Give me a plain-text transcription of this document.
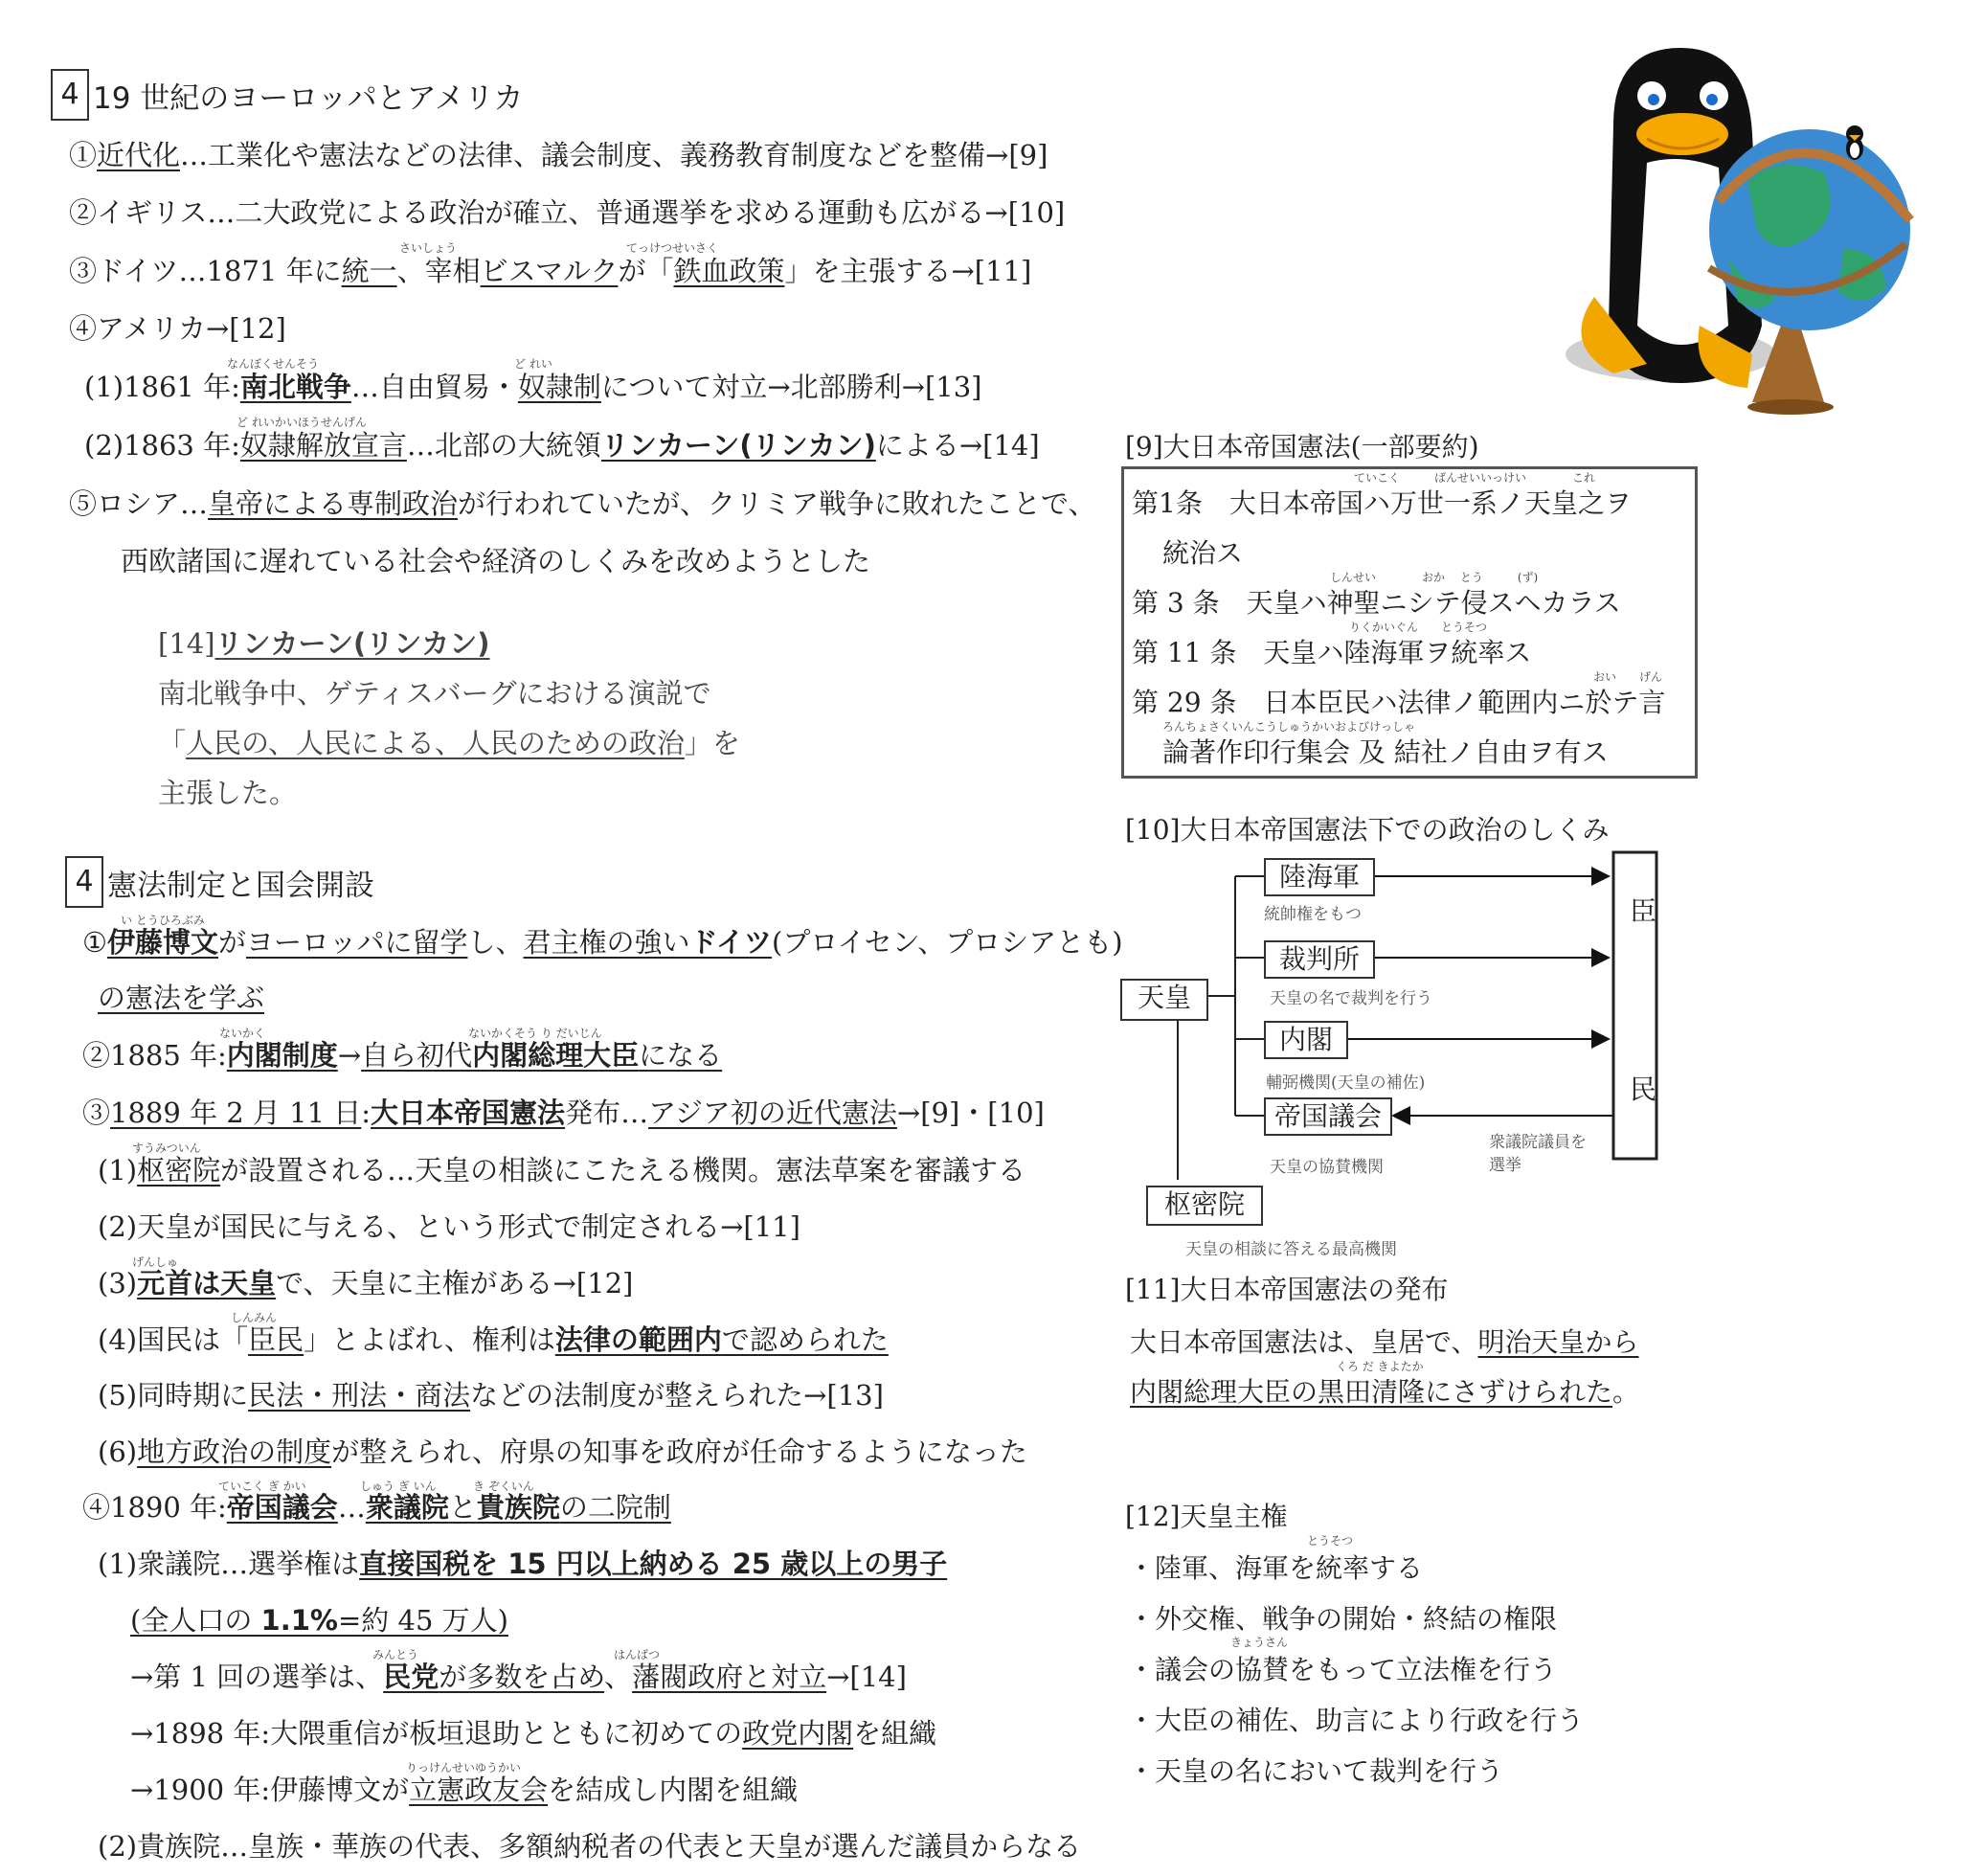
4 19 世紀のヨーロッパとアメリカ
①近代化…工業化や憲法などの法律、議会制度、義務教育制度などを整備→[9]
②イギリス…二大政党による政治が確立、普通選挙を求める運動も広がる→[10]
さいしょう	てっけつせいさく
③ドイツ…1871 年に統一、宰相ビスマルクが「鉄血政策」を主張する→[11]
④アメリカ→[12]
なんぼくせんそう	ど れい
(1)1861 年:南北戦争…自由貿易・奴隷制について対立→北部勝利→[13]
ど れいかいほうせんげん
(2)1863 年:奴隷解放宣言…北部の大統領リンカーン(リンカン)による→[14]
⑤ロシア…皇帝による専制政治が行われていたが、クリミア戦争に敗れたことで、
西欧諸国に遅れている社会や経済のしくみを改めようとした
[14]リンカーン(リンカン)
南北戦争中、ゲティスバーグにおける演説で
「人民の、人民による、人民のための政治」を
主張した。
4 憲法制定と国会開設
い とうひろぶみ
①伊藤博文がヨーロッパに留学し、君主権の強いドイツ(プロイセン、プロシアとも)
の憲法を学ぶ
ないかく	ないかくそう り だいじん
②1885 年:内閣制度→自ら初代内閣総理大臣になる
③1889 年 2 月 11 日:大日本帝国憲法発布…アジア初の近代憲法→[9]・[10]
すうみついん
(1)枢密院が設置される…天皇の相談にこたえる機関。憲法草案を審議する
(2)天皇が国民に与える、という形式で制定される→[11]
げんしゅ
(3)元首は天皇で、天皇に主権がある→[12]
しんみん
(4)国民は「臣民」とよばれ、権利は法律の範囲内で認められた
(5)同時期に民法・刑法・商法などの法制度が整えられた→[13]
(6)地方政治の制度が整えられ、府県の知事を政府が任命するようになった
ていこく ぎ かい	しゅう ぎ いん	き ぞくいん
④1890 年:帝国議会…衆議院と貴族院の二院制
(1)衆議院…選挙権は直接国税を 15 円以上納める 25 歳以上の男子
(全人口の 1.1%=約 45 万人)
みんとう	はんばつ
→第 1 回の選挙は、民党が多数を占め、藩閥政府と対立→[14]
→1898 年:大隈重信が板垣退助とともに初めての政党内閣を組織
りっけんせいゆうかい
→1900 年:伊藤博文が立憲政友会を結成し内閣を組織
(2)貴族院…皇族・華族の代表、多額納税者の代表と天皇が選んだ議員からなる
[9]大日本帝国憲法(一部要約)
ていこく　　　ばんせいいっけい　　　　これ
第1条　大日本帝国ハ万世一系ノ天皇之ヲ
統治ス
しんせい　　　　おか　 とう　　　(ず)
第 3 条　天皇ハ神聖ニシテ侵スヘカラス
りくかいぐん　　とうそつ
第 11 条　天皇ハ陸海軍ヲ統率ス
おい　　げん
第 29 条　日本臣民ハ法律ノ範囲内ニ於テ言
ろんちょさくいんこうしゅうかいおよびけっしゃ
論著作印行集会 及 結社ノ自由ヲ有ス
[10]大日本帝国憲法下での政治のしくみ
天皇
陸海軍
統帥権をもつ
裁判所
天皇の名で裁判を行う
内閣
輔弼機関(天皇の補佐)
帝国議会
天皇の協賛機関
衆議院議員を
選挙
臣
民
枢密院
天皇の相談に答える最高機関
[11]大日本帝国憲法の発布
大日本帝国憲法は、皇居で、明治天皇から
くろ だ きよたか
内閣総理大臣の黒田清隆にさずけられた。
[12]天皇主権
とうそつ
・陸軍、海軍を統率する
・外交権、戦争の開始・終結の権限
きょうさん
・議会の協賛をもって立法権を行う
・大臣の補佐、助言により行政を行う
・天皇の名において裁判を行う
